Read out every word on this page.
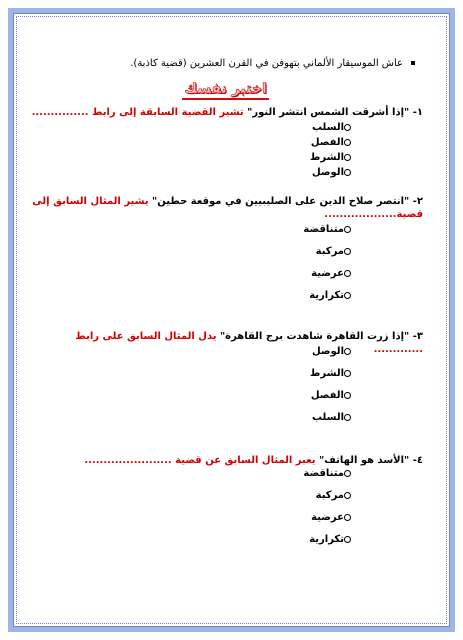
عاش الموسيقار الألماني بتهوفن في القرن العشرين (قضية كاذبة).
اختبر نفسك
١- "إذا أشرقت الشمس انتشر النور" تشير القضية السابقة إلى رابط ...............
السلب
الفصل
الشرط
الوصل
٢- "انتصر صلاح الدين على الصليبيين في موقعة حطين" يشير المثال السابق إلى قضية...................
متناقضة
مركبة
عرضية
تكرارية
٣- "إذا زرت القاهرة شاهدت برج القاهرة" يدل المثال السابق على رابط .............
الوصل
الشرط
الفصل
السلب
٤- "الأسد هو الهاتف" يعبر المثال السابق عن قضية .......................
متناقضة
مركبة
عرضية
تكرارية
